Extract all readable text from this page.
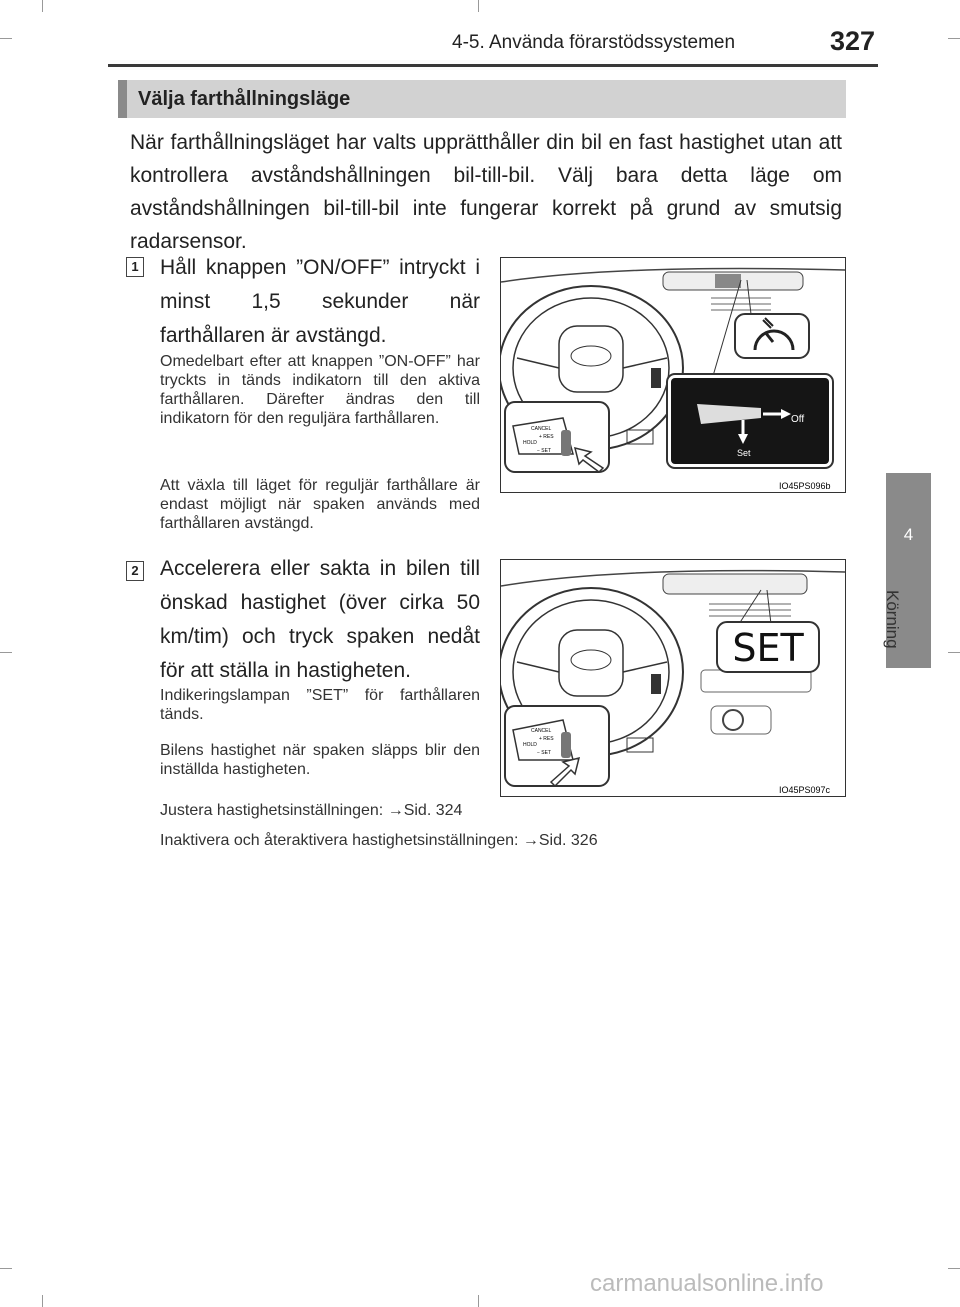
4-5. Använda förarstödssystemen	327
4
Körning
Välja farthållningsläge
När farthållningsläget har valts upprätthåller din bil en fast hastighet utan att kontrollera avståndshållningen bil-till-bil. Välj bara detta läge om avståndshållningen bil-till-bil inte fungerar korrekt på grund av smutsig radarsensor.
1 Håll knappen ”ON/OFF” intryckt i minst 1,5 sekunder när farthållaren är avstängd.
Omedelbart efter att knappen ”ON-OFF” har tryckts in tänds indikatorn till den aktiva farthållaren. Därefter ändras den till indikatorn för den reguljära farthållaren.
Att växla till läget för reguljär farthållare är endast möjligt när spaken används med farthållaren avstängd.
Off
Set
CANCEL
+ RES
HOLD
− SET
IO45PS096b
2 Accelerera eller sakta in bilen till önskad hastighet (över cirka 50 km/tim) och tryck spaken nedåt för att ställa in hastigheten.
Indikeringslampan ”SET” för farthållaren tänds.
Bilens hastighet när spaken släpps blir den inställda hastigheten.
SET
CANCEL
+ RES
HOLD
− SET
IO45PS097c
Justera hastighetsinställningen: →Sid. 324
Inaktivera och återaktivera hastighetsinställningen: →Sid. 326
carmanualsonline.info
